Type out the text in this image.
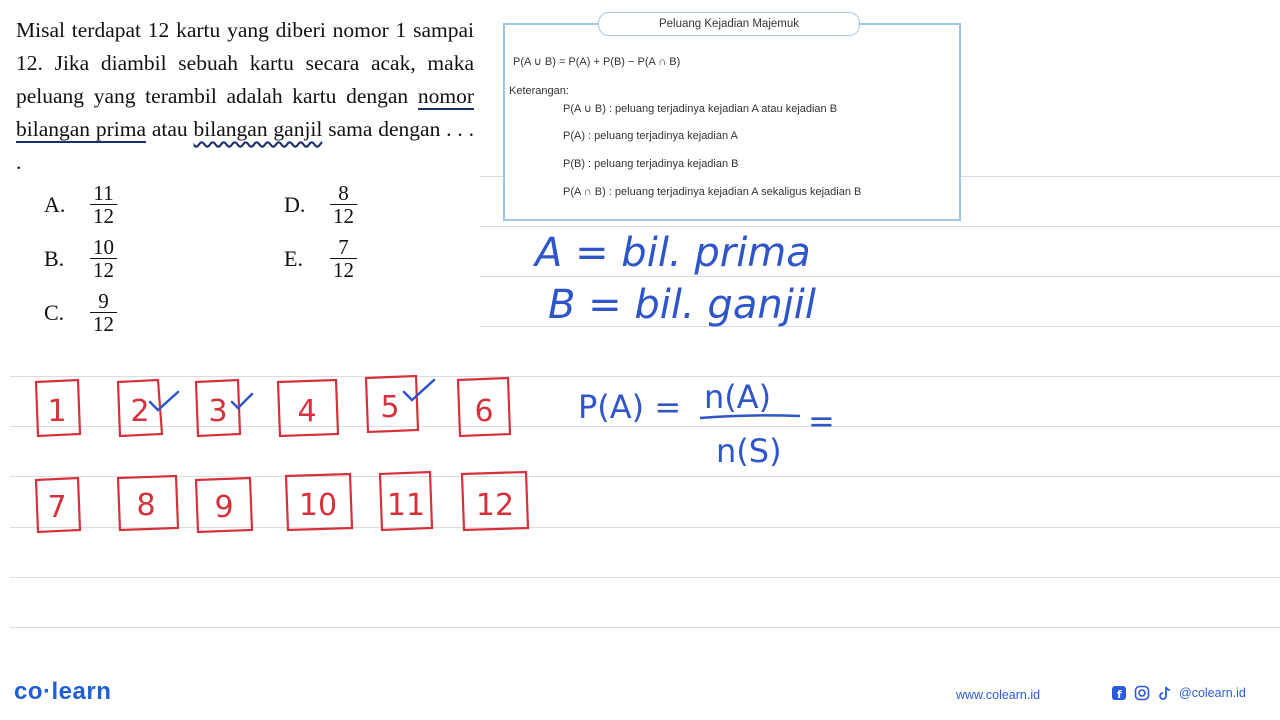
Misal terdapat 12 kartu yang diberi nomor 1 sampai 12. Jika diambil sebuah kartu secara acak, maka peluang yang terambil adalah kartu dengan nomor bilangan prima atau bilangan ganjil sama dengan . . . .
A.	$\frac{11}{12}$
B.	$\frac{10}{12}$
C.	$\frac{9}{12}$
D.	$\frac{8}{12}$
E.	$\frac{7}{12}$
P(A ∪ B) = P(A) + P(B) − P(A ∩ B)
Keterangan:
P(A ∪ B) : peluang terjadinya kejadian A atau kejadian B
P(A) : peluang terjadinya kejadian A
P(B) : peluang terjadinya kejadian B
P(A ∩ B) : peluang terjadinya kejadian A sekaligus kejadian B
Peluang Kejadian Majemuk
A = bil. prima
B = bil. ganjil
P(A) = n(A)
n(S)
=
1 2 3 4 5 6
7 8 9 10 11 12
co·learn	www.colearn.id	f	@colearn.id
